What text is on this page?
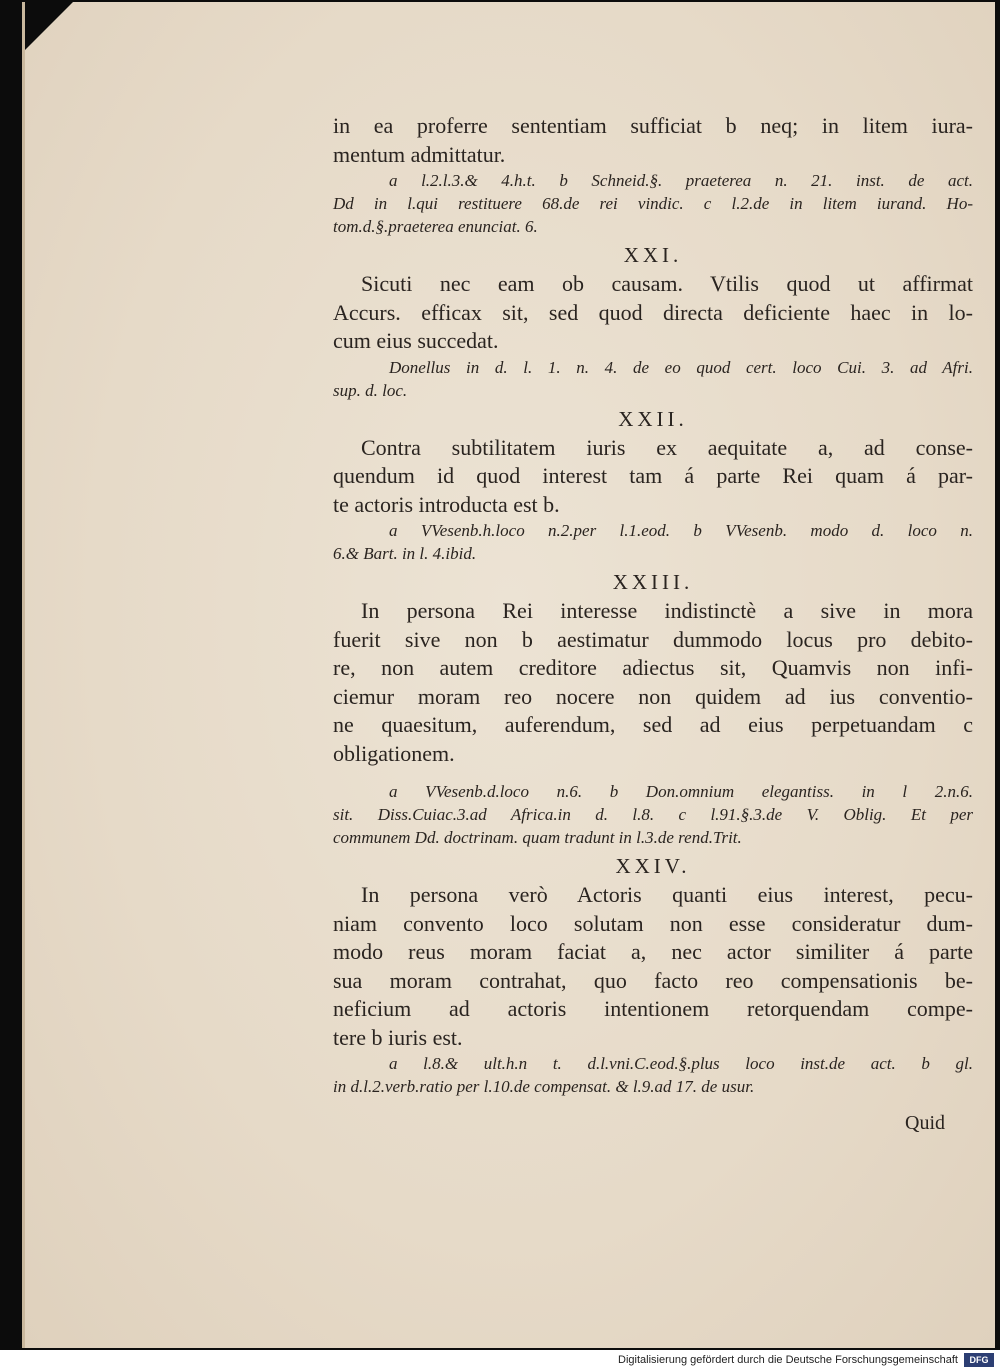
in ea proferre sententiam sufficiat b neq; in litem iura-
mentum admittatur.
a l.2.l.3.& 4.h.t. b Schneid.§. praeterea n. 21. inst. de act.
Dd in l.qui restituere 68.de rei vindic. c l.2.de in litem iurand. Ho-
tom.d.§.praeterea enunciat. 6.
XXI.
Sicuti nec eam ob causam. Vtilis quod ut affirmat
Accurs. efficax sit, sed quod directa deficiente haec in lo-
cum eius succedat.
Donellus in d. l. 1. n. 4. de eo quod cert. loco Cui. 3. ad Afri.
sup. d. loc.
XXII.
Contra subtilitatem iuris ex aequitate a, ad conse-
quendum id quod interest tam á parte Rei quam á par-
te actoris introducta est b.
a VVesenb.h.loco n.2.per l.1.eod. b VVesenb. modo d. loco n.
6.& Bart. in l. 4.ibid.
XXIII.
In persona Rei interesse indistinctè a sive in mora
fuerit sive non b aestimatur dummodo locus pro debito-
re, non autem creditore adiectus sit, Quamvis non infi-
ciemur moram reo nocere non quidem ad ius conventio-
ne quaesitum, auferendum, sed ad eius perpetuandam c
obligationem.
a VVesenb.d.loco n.6. b Don.omnium elegantiss. in l 2.n.6.
sit. Diss.Cuiac.3.ad Africa.in d. l.8. c l.91.§.3.de V. Oblig. Et per
communem Dd. doctrinam. quam tradunt in l.3.de rend.Trit.
XXIV.
In persona verò Actoris quanti eius interest, pecu-
niam convento loco solutam non esse consideratur dum-
modo reus moram faciat a, nec actor similiter á parte
sua moram contrahat, quo facto reo compensationis be-
neficium ad actoris intentionem retorquendam compe-
tere b iuris est.
a l.8.& ult.h.n t. d.l.vni.C.eod.§.plus loco inst.de act. b gl.
in d.l.2.verb.ratio per l.10.de compensat. & l.9.ad 17. de usur.
Quid
Digitalisierung gefördert durch die Deutsche Forschungsgemeinschaft	DFG
